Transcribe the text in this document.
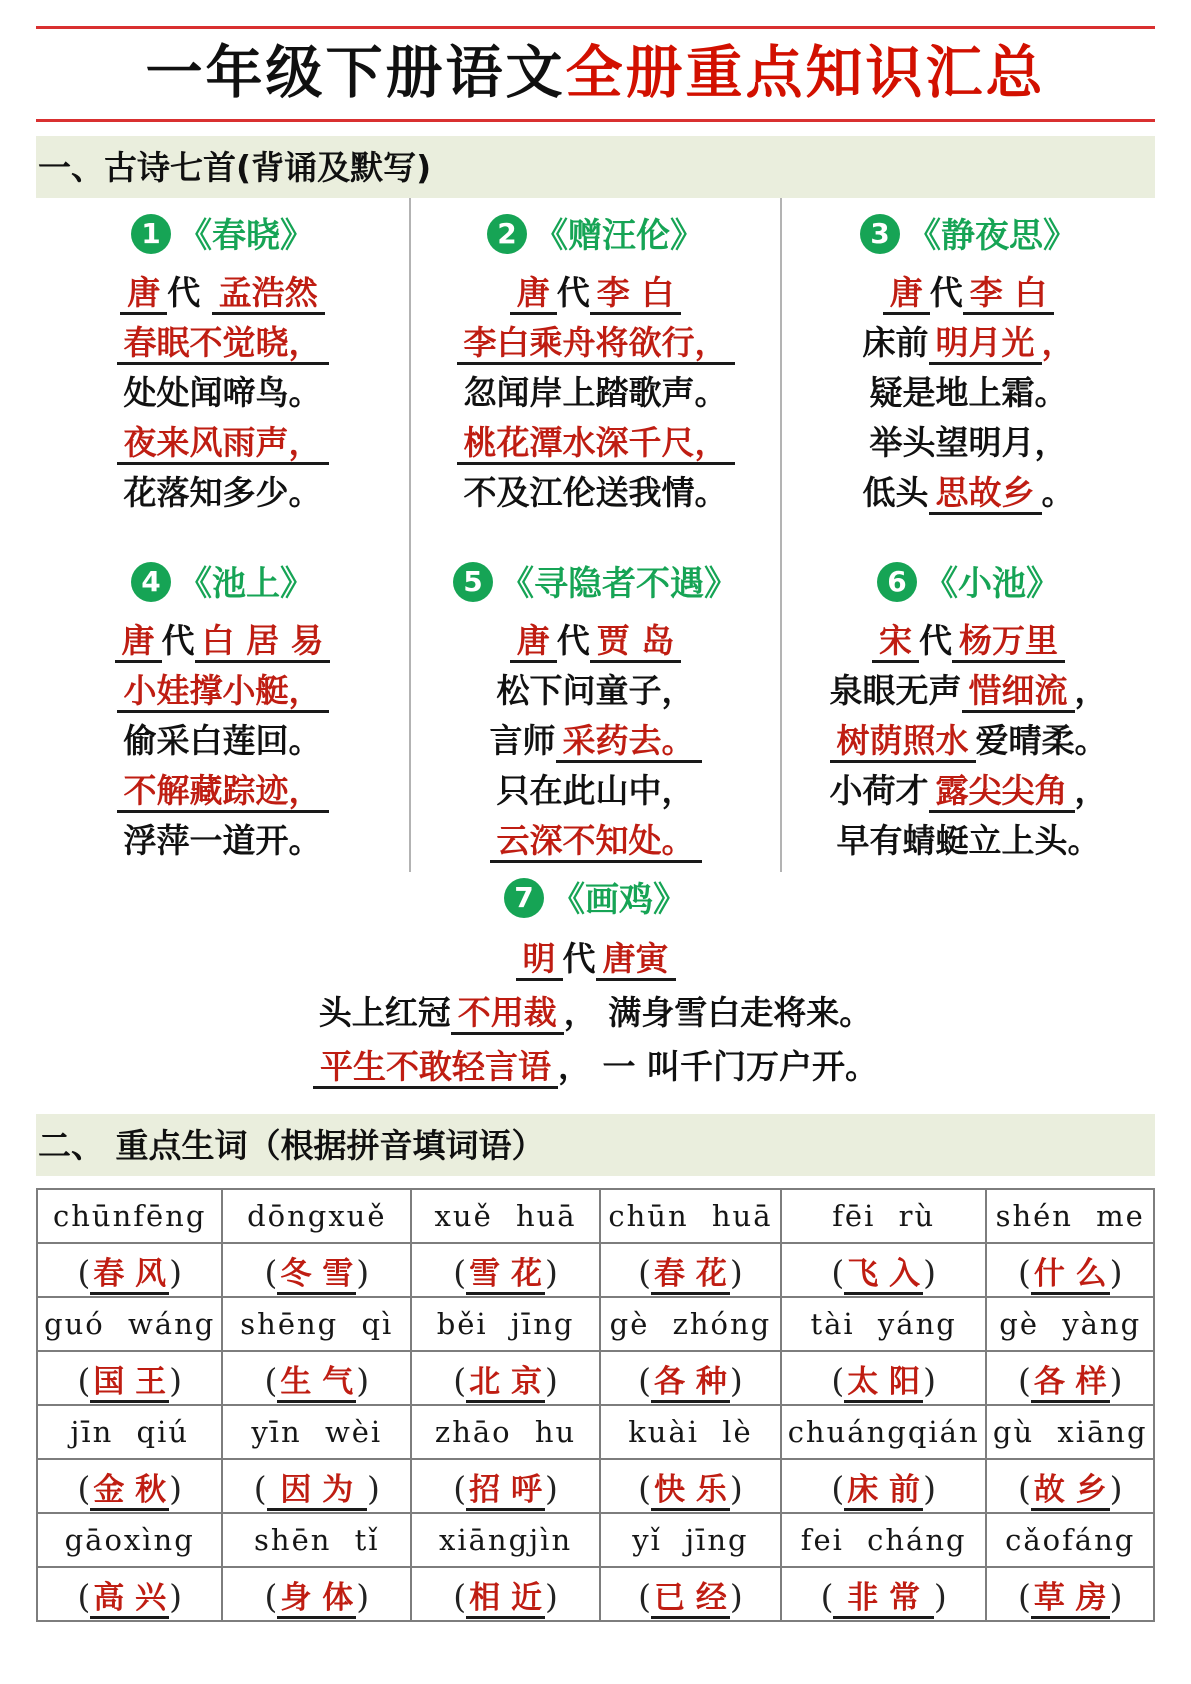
一年级下册语文全册重点知识汇总
一、古诗七首(背诵及默写)
1 《春晓》
唐 代 孟浩然
春眠不觉晓，
处处闻啼鸟。
夜来风雨声，
花落知多少。
2 《赠汪伦》
唐 代 李 白
李白乘舟将欲行，
忽闻岸上踏歌声。
桃花潭水深千尺，
不及江伦送我情。
3 《静夜思》
唐 代 李 白
床前 明月光 ，
疑是地上霜。
举头望明月，
低头 思故乡 。
4 《池上》
唐 代 白 居 易
小娃撑小艇，
偷采白莲回。
不解藏踪迹，
浮萍一道开。
5 《寻隐者不遇》
唐 代 贾 岛
松下问童子，
言师 采药去。
只在此山中，
云深不知处。
6 《小池》
宋 代 杨万里
泉眼无声 惜细流 ，
树荫照水 爱晴柔。
小荷才 露尖尖角 ，
早有蜻蜓立上头。
7 《画鸡》
明 代 唐寅
头上红冠 不用裁 ， 满身雪白走将来。
平生不敢轻言语 ， 一 叫千门万户开。
二、 重点生词（根据拼音填词语）
chūnfēng	dōngxuě	xuě huā	chūn huā	fēi rù	shén me
(春 风)	(冬 雪)	(雪 花)	(春 花)	(飞 入)	(什 么)
guó wáng	shēng qì	běi jīng	gè zhóng	tài yáng	gè yàng
(国 王)	(生 气)	(北 京)	(各 种)	(太 阳)	(各 样)
jīn qiú	yīn wèi	zhāo hu	kuài lè	chuángqián	gù xiāng
(金 秋)	( 因 为 )	(招 呼)	(快 乐)	(床 前)	(故 乡)
gāoxìng	shēn tǐ	xiāngjìn	yǐ jīng	fei cháng	cǎofáng
(高 兴)	(身 体)	(相 近)	(已 经)	( 非 常 )	(草 房)
